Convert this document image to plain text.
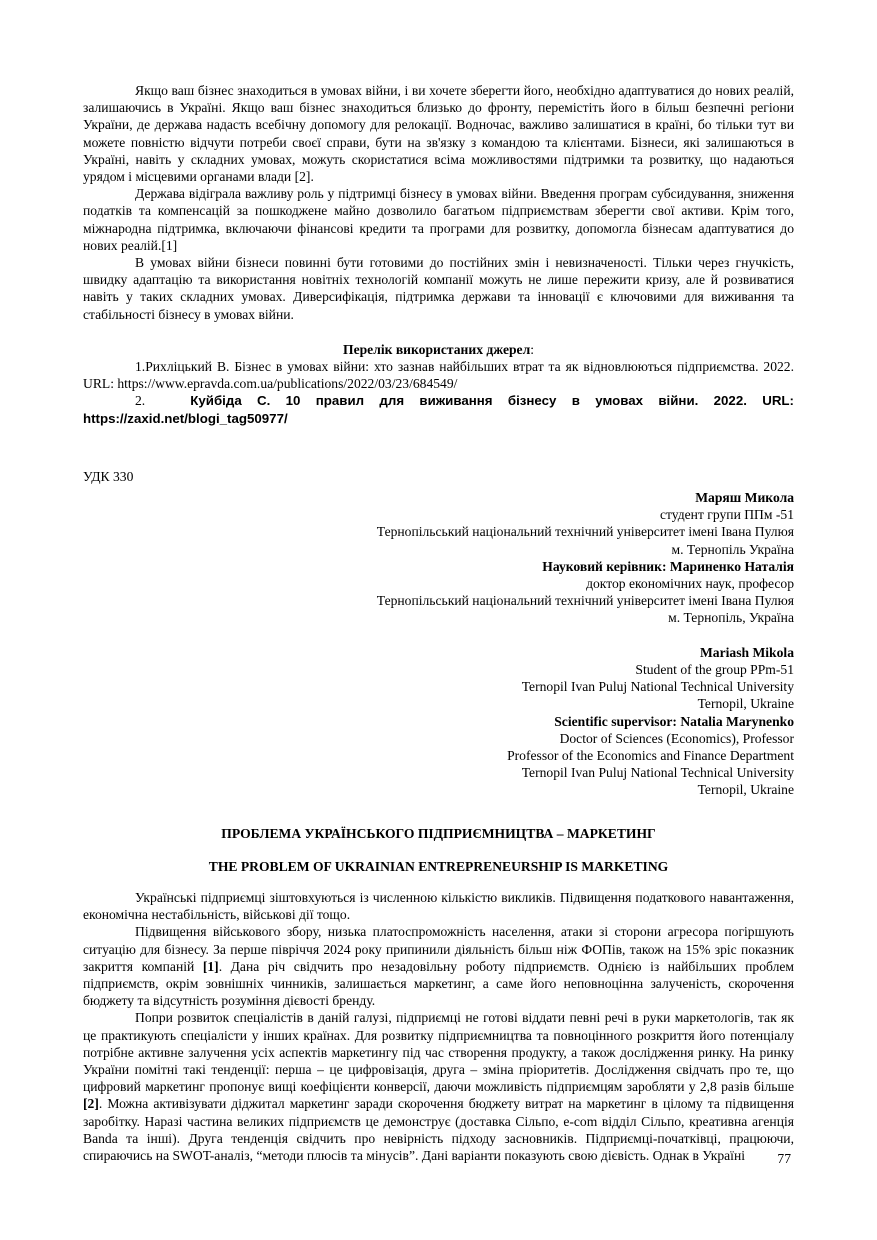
Якщо ваш бізнес знаходиться в умовах війни, і ви хочете зберегти його, необхідно адаптуватися до нових реалій, залишаючись в Україні. Якщо ваш бізнес знаходиться близько до фронту, перемістіть його в більш безпечні регіони України, де держава надасть всебічну допомогу для релокації. Водночас, важливо залишатися в країні, бо тільки тут ви можете повністю відчути потреби своєї справи, бути на зв'язку з командою та клієнтами. Бізнеси, які залишаються в Україні, навіть у складних умовах, можуть скористатися всіма можливостями підтримки та розвитку, що надаються урядом і місцевими органами влади [2].

Держава відіграла важливу роль у підтримці бізнесу в умовах війни. Введення програм субсидування, зниження податків та компенсацій за пошкоджене майно дозволило багатьом підприємствам зберегти свої активи. Крім того, міжнародна підтримка, включаючи фінансові кредити та програми для розвитку, допомогла бізнесам адаптуватися до нових реалій.[1]

В умовах війни бізнеси повинні бути готовими до постійних змін і невизначеності. Тільки через гнучкість, швидку адаптацію та використання новітніх технологій компанії можуть не лише пережити кризу, але й розвиватися навіть у таких складних умовах. Диверсифікація, підтримка держави та інновації є ключовими для виживання та стабільності бізнесу в умовах війни.

Перелік використаних джерел:

1.Рихліцький В. Бізнес в умовах війни: хто зазнав найбільших втрат та як відновлюються підприємства. 2022. URL: https://www.epravda.com.ua/publications/2022/03/23/684549/

2.	Куйбіда С. 10 правил для виживання бізнесу в умовах війни. 2022. URL: https://zaxid.net/blogi_tag50977/

УДК 330
Маряш Микола
студент групи ППм -51
Тернопільський національний технічний університет імені Івана Пулюя
м. Тернопіль Україна
Науковий керівник: Мариненко Наталія
доктор економічних наук, професор
Тернопільський національний технічний університет імені Івана Пулюя
м. Тернопіль, Україна
Mariash Mikola
Student of the group PPm-51
Ternopil Ivan Puluj National Technical University
Ternopil, Ukraine
Scientific supervisor: Natalia Marynenko
Doctor of Sciences (Economics), Professor
Professor of the Economics and Finance Department
Ternopil Ivan Puluj National Technical University
Ternopil, Ukraine
ПРОБЛЕМА УКРАЇНСЬКОГО ПІДПРИЄМНИЦТВА – МАРКЕТИНГ
THE PROBLEM OF UKRAINIAN ENTREPRENEURSHIP IS MARKETING

Українські підприємці зіштовхуються із численною кількістю викликів. Підвищення податкового навантаження, економічна нестабільність, військові дії тощо.

Підвищення військового збору, низька платоспроможність населення, атаки зі сторони агресора погіршують ситуацію для бізнесу. За перше півріччя 2024 року припинили діяльність більш ніж ФОПів, також на 15% зріс показник закриття компаній [1]. Дана річ свідчить про незадовільну роботу підприємств. Однією із найбільших проблем підприємств, окрім зовнішніх чинників, залишається маркетинг, а саме його неповноцінна залученість, скорочення бюджету та відсутність розуміння дієвості бренду.

Попри розвиток спеціалістів в даній галузі, підприємці не готові віддати певні речі в руки маркетологів, так як це практикують спеціалісти у інших країнах. Для розвитку підприємництва та повноцінного розкриття його потенціалу потрібне активне залучення усіх аспектів маркетингу під час створення продукту, а також дослідження ринку. На ринку України помітні такі тенденції: перша – це цифровізація, друга – зміна пріоритетів. Дослідження свідчать про те, що цифровий маркетинг пропонує вищі коефіцієнти конверсії, даючи можливість підприємцям заробляти у 2,8 разів більше [2]. Можна активізувати діджитал маркетинг заради скорочення бюджету витрат на маркетинг в цілому та підвищення заробітку. Наразі частина великих підприємств це демонструє (доставка Сільпо, e-com відділ Сільпо, креативна агенція Banda та інші). Друга тенденція свідчить про невірність підходу засновників. Підприємці-початківці, працюючи, спираючись на SWOT-аналіз, “методи плюсів та мінусів”. Дані варіанти показують свою дієвість. Однак в Україні	77
